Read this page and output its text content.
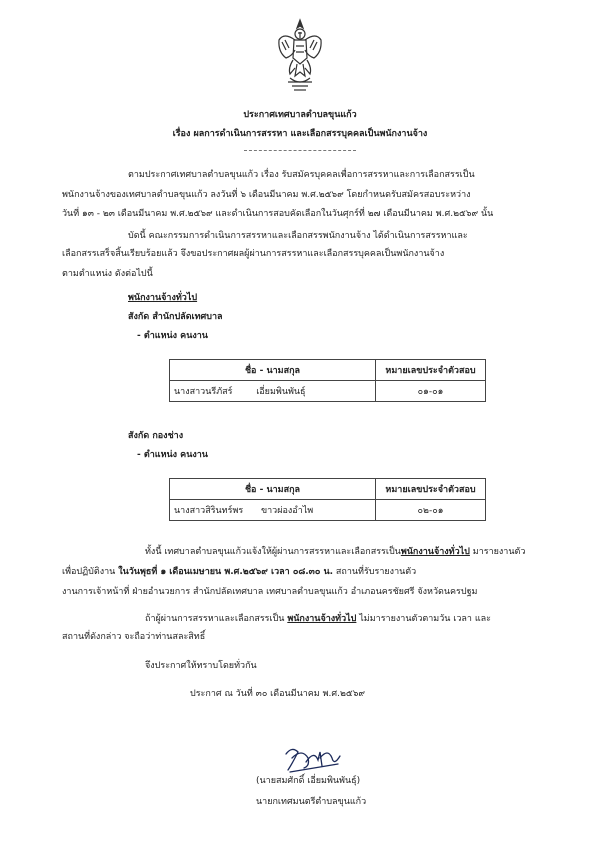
ประกาศเทศบาลตำบลขุนแก้ว
เรื่อง ผลการดำเนินการสรรหา และเลือกสรรบุคคลเป็นพนักงานจ้าง
ตามประกาศเทศบาลตำบลขุนแก้ว เรื่อง รับสมัครบุคคลเพื่อการสรรหาและการเลือกสรรเป็น
พนักงานจ้างของเทศบาลตำบลขุนแก้ว ลงวันที่ ๖ เดือนมีนาคม พ.ศ.๒๕๖๙ โดยกำหนดรับสมัครสอบระหว่าง
วันที่ ๑๓ - ๒๓ เดือนมีนาคม พ.ศ.๒๕๖๙ และดำเนินการสอบคัดเลือกในวันศุกร์ที่ ๒๗ เดือนมีนาคม พ.ศ.๒๕๖๙ นั้น
บัดนี้ คณะกรรมการดำเนินการสรรหาและเลือกสรรพนักงานจ้าง ได้ดำเนินการสรรหาและ
เลือกสรรเสร็จสิ้นเรียบร้อยแล้ว จึงขอประกาศผลผู้ผ่านการสรรหาและเลือกสรรบุคคลเป็นพนักงานจ้าง
ตามตำแหน่ง ดังต่อไปนี้
พนักงานจ้างทั่วไป
สังกัด สำนักปลัดเทศบาล
- ตำแหน่ง คนงาน
ชื่อ - นามสกุล	หมายเลขประจำตัวสอบ
นางสาวนรีภัสร์ เอี่ยมพินพันธุ์	๐๑-๐๑
สังกัด กองช่าง
- ตำแหน่ง คนงาน
ชื่อ - นามสกุล	หมายเลขประจำตัวสอบ
นางสาวสิรินทร์พร ขาวผ่องอำไพ	๐๒-๐๑
ทั้งนี้ เทศบาลตำบลขุนแก้วแจ้งให้ผู้ผ่านการสรรหาและเลือกสรรเป็นพนักงานจ้างทั่วไป มารายงานตัว
เพื่อปฏิบัติงาน ในวันพุธที่ ๑ เดือนเมษายน พ.ศ.๒๕๖๙ เวลา ๐๘.๓๐ น. สถานที่รับรายงานตัว
งานการเจ้าหน้าที่ ฝ่ายอำนวยการ สำนักปลัดเทศบาล เทศบาลตำบลขุนแก้ว อำเภอนครชัยศรี จังหวัดนครปฐม
ถ้าผู้ผ่านการสรรหาและเลือกสรรเป็น พนักงานจ้างทั่วไป ไม่มารายงานตัวตามวัน เวลา และ
สถานที่ดังกล่าว จะถือว่าท่านสละสิทธิ์
จึงประกาศให้ทราบโดยทั่วกัน
ประกาศ ณ วันที่ ๓๐ เดือนมีนาคม พ.ศ.๒๕๖๙
(นายสมศักดิ์ เอี่ยมพินพันธุ์)
นายกเทศมนตรีตำบลขุนแก้ว
